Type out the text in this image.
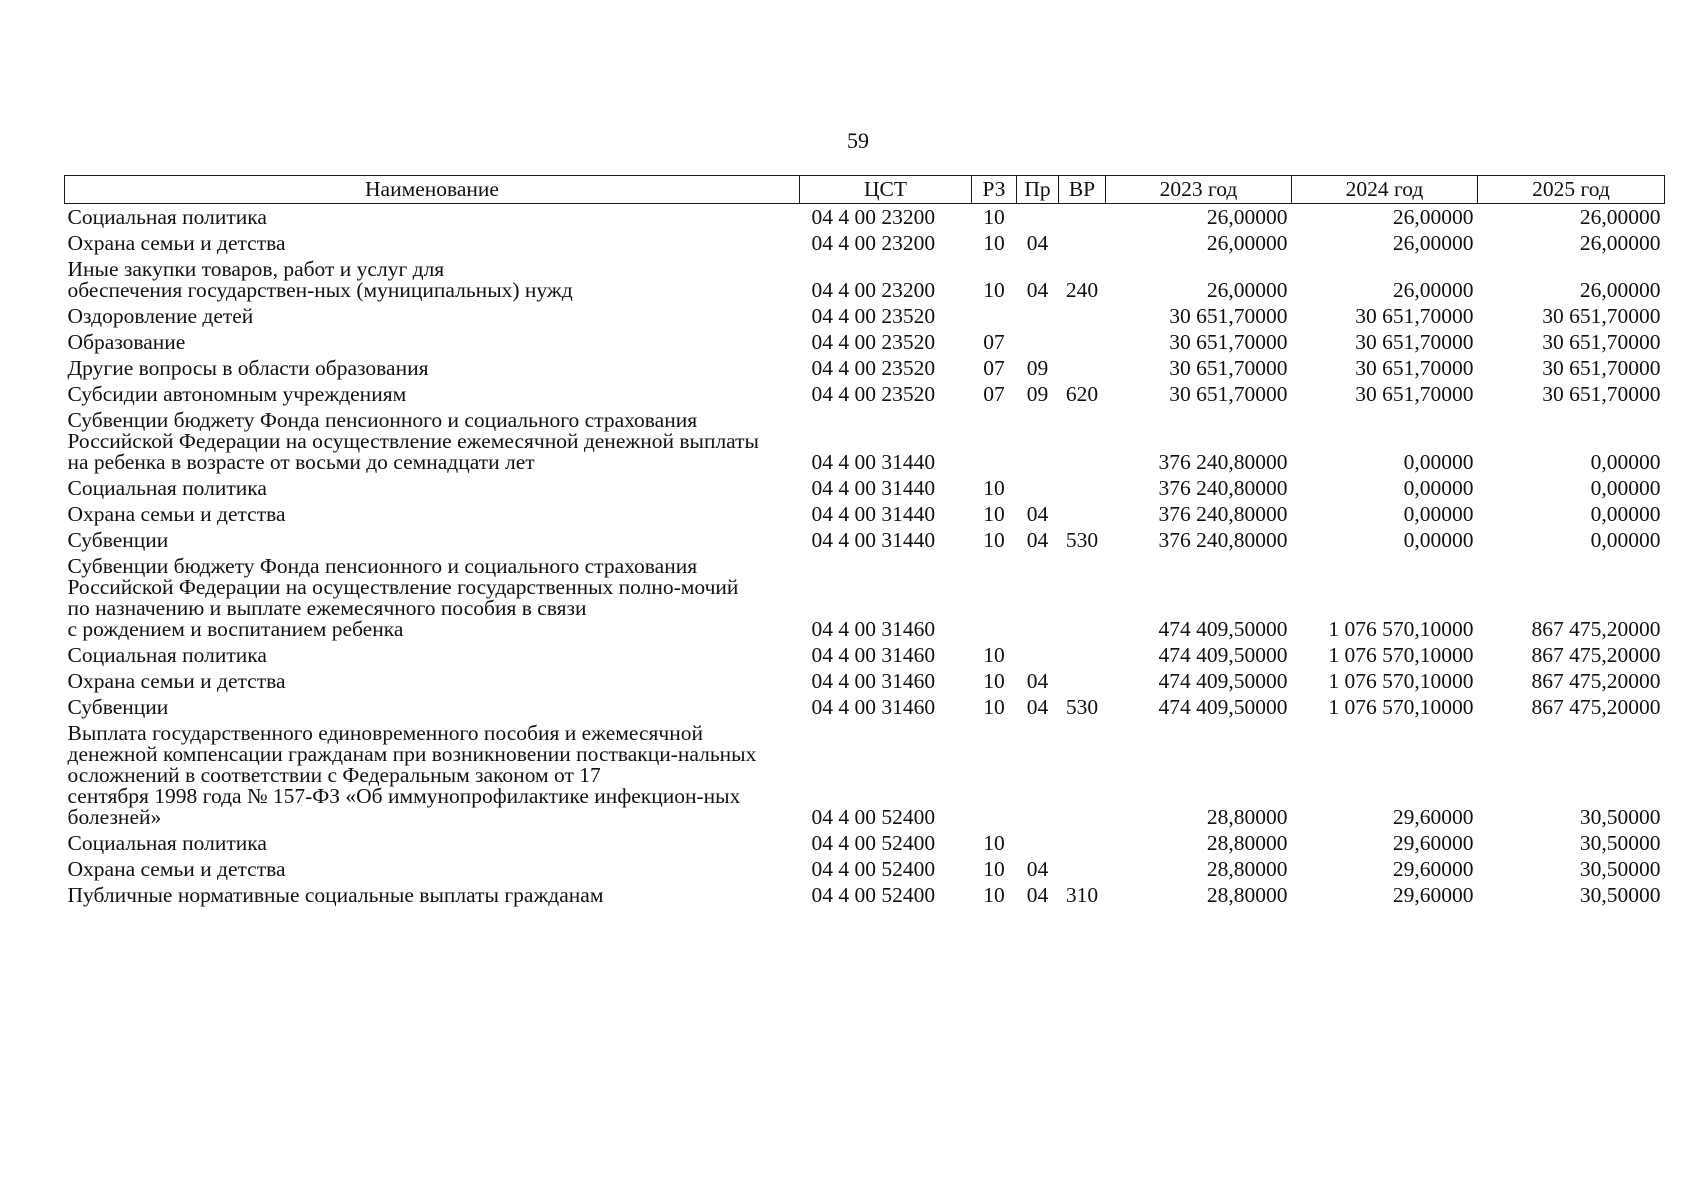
59
Наименование	ЦСТ	РЗ	Пр	ВР	2023 год	2024 год	2025 год
Социальная политика	04 4 00 23200	10			26,00000	26,00000	26,00000
Охрана семьи и детства	04 4 00 23200	10	04		26,00000	26,00000	26,00000

Иные закупки товаров, работ и услуг для
обеспечения государствен-ных (муниципальных) нужд	04 4 00 23200	10	04	240	26,00000	26,00000	26,00000
Оздоровление детей	04 4 00 23520				30 651,70000	30 651,70000	30 651,70000
Образование	04 4 00 23520	07			30 651,70000	30 651,70000	30 651,70000
Другие вопросы в области образования	04 4 00 23520	07	09		30 651,70000	30 651,70000	30 651,70000
Субсидии автономным учреждениям	04 4 00 23520	07	09	620	30 651,70000	30 651,70000	30 651,70000

Субвенции бюджету Фонда пенсионного и социального страхования
Российской Федерации на осуществление ежемесячной денежной выплаты
на ребенка в возрасте от восьми до семнадцати лет	04 4 00 31440				376 240,80000	0,00000	0,00000
Социальная политика	04 4 00 31440	10			376 240,80000	0,00000	0,00000
Охрана семьи и детства	04 4 00 31440	10	04		376 240,80000	0,00000	0,00000
Субвенции	04 4 00 31440	10	04	530	376 240,80000	0,00000	0,00000

Субвенции бюджету Фонда пенсионного и социального страхования
Российской Федерации на осуществление государственных полно-мочий
по назначению и выплате ежемесячного пособия в связи
с рождением и воспитанием ребенка	04 4 00 31460				474 409,50000	1 076 570,10000	867 475,20000
Социальная политика	04 4 00 31460	10			474 409,50000	1 076 570,10000	867 475,20000
Охрана семьи и детства	04 4 00 31460	10	04		474 409,50000	1 076 570,10000	867 475,20000
Субвенции	04 4 00 31460	10	04	530	474 409,50000	1 076 570,10000	867 475,20000

Выплата государственного единовременного пособия и ежемесячной
денежной компенсации гражданам при возникновении поствакци-нальных
осложнений в соответствии с Федеральным законом от 17
сентября 1998 года № 157-ФЗ «Об иммунопрофилактике инфекцион-ных
болезней»	04 4 00 52400				28,80000	29,60000	30,50000
Социальная политика	04 4 00 52400	10			28,80000	29,60000	30,50000
Охрана семьи и детства	04 4 00 52400	10	04		28,80000	29,60000	30,50000
Публичные нормативные социальные выплаты гражданам	04 4 00 52400	10	04	310	28,80000	29,60000	30,50000
